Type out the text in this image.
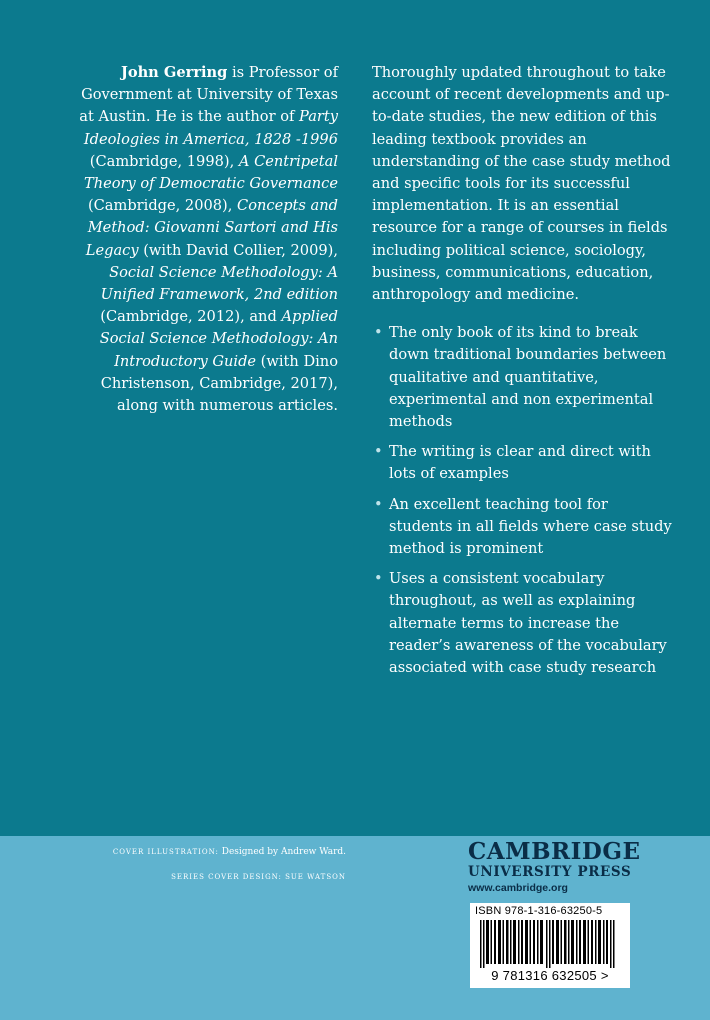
John Gerring is Professor of Government at University of Texas at Austin. He is the author of Party Ideologies in America, 1828 -1996 (Cambridge, 1998), A Centripetal Theory of Democratic Governance (Cambridge, 2008), Concepts and Method: Giovanni Sartori and His Legacy (with David Collier, 2009), Social Science Methodology: A Unified Framework, 2nd edition (Cambridge, 2012), and Applied Social Science Methodology: An Introductory Guide (with Dino Christenson, Cambridge, 2017), along with numerous articles.

Thoroughly updated throughout to take account of recent developments and up-to-date studies, the new edition of this leading textbook provides an understanding of the case study method and specific tools for its successful implementation. It is an essential resource for a range of courses in fields including political science, sociology, business, communications, education, anthropology and medicine.

• The only book of its kind to break down traditional boundaries between qualitative and quantitative, experimental and non experimental methods
• The writing is clear and direct with lots of examples
• An excellent teaching tool for students in all fields where case study method is prominent
• Uses a consistent vocabulary throughout, as well as explaining alternate terms to increase the reader’s awareness of the vocabulary associated with case study research
COVER ILLUSTRATION: Designed by Andrew Ward.
SERIES COVER DESIGN: SUE WATSON
CAMBRIDGE
UNIVERSITY PRESS
www.cambridge.org
ISBN 978-1-316-63250-5
9 781316 632505 >
